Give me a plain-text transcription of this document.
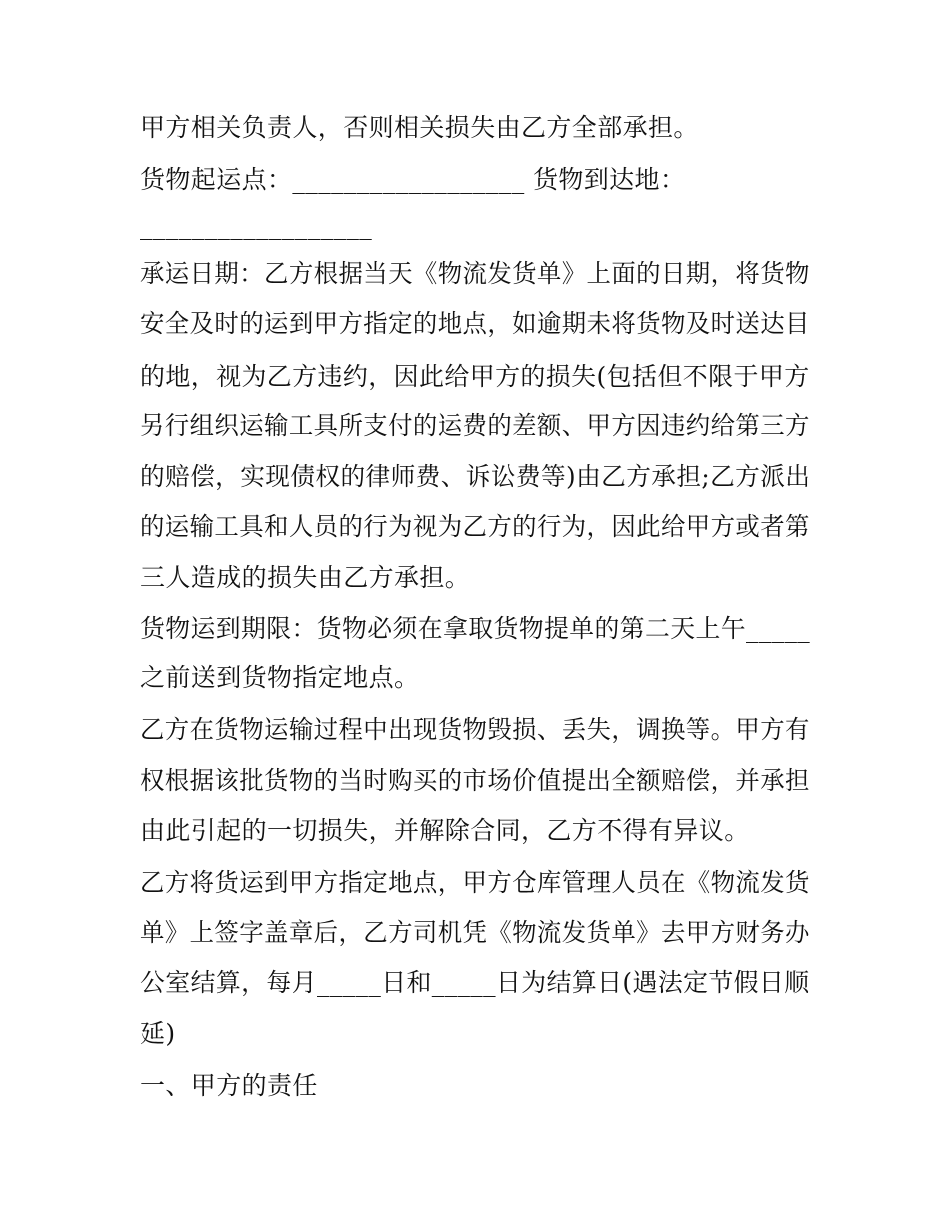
甲方相关负责人，否则相关损失由乙方全部承担。

货物起运点：__________________ 货物到达地：

__________________

承运日期：乙方根据当天《物流发货单》上面的日期，将货物

安全及时的运到甲方指定的地点，如逾期未将货物及时送达目

的地，视为乙方违约，因此给甲方的损失(包括但不限于甲方

另行组织运输工具所支付的运费的差额、甲方因违约给第三方

的赔偿，实现债权的律师费、诉讼费等)由乙方承担;乙方派出

的运输工具和人员的行为视为乙方的行为，因此给甲方或者第

三人造成的损失由乙方承担。

货物运到期限：货物必须在拿取货物提单的第二天上午_____

之前送到货物指定地点。

乙方在货物运输过程中出现货物毁损、丢失，调换等。甲方有

权根据该批货物的当时购买的市场价值提出全额赔偿，并承担

由此引起的一切损失，并解除合同，乙方不得有异议。

乙方将货运到甲方指定地点，甲方仓库管理人员在《物流发货

单》上签字盖章后，乙方司机凭《物流发货单》去甲方财务办

公室结算，每月_____日和_____日为结算日(遇法定节假日顺

延)

一、甲方的责任
